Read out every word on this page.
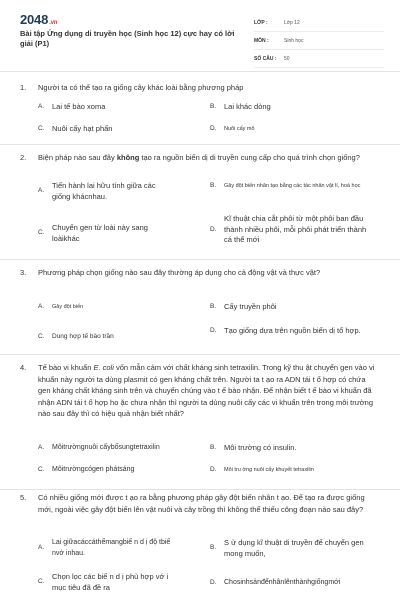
2048.vn
Bài tập Ứng dụng di truyền học (Sinh học 12) cực hay có lời giải (P1)
LỚP :	Lớp 12
MÔN :	Sinh học
SỐ CÂU :	50
1.	Người ta có thể tạo ra giống cây khác loài bằng phương pháp
A.	Lai tế bào xoma	B.	Lai khác dòng
C.	Nuôi cấy hạt phấn	D.	Nuôi cấy mô
2.	Biện pháp nào sau đây không tạo ra nguồn biến dị di truyền cung cấp cho quá trình chọn giống?
A.
Tiến hành lai hữu tính giữa các giống khácnhau.
B.	Gây đột biến nhân tạo bằng các tác nhân vật lí, hoá học
C.
Chuyển gen từ loài này sang loàikhác
D.
Kĩ thuật chia cắt phôi từ một phôi ban đầu thành nhiều phôi, mỗi phôi phát triển thành cá thể mới
3.	Phương pháp chọn giống nào sau đây thường áp dụng cho cả động vật và thực vật?
A.	Gây đột biến	B.	Cấy truyền phôi
C.	Dung hợp tế bào trần
D.	Tạo giống dựa trên nguồn biến dị tổ hợp.
4.	Tế bào vi khuẩn E. coli vốn mẫn cảm với chất kháng sinh tetraxilin. Trong kỹ thu ật chuyển gen vào vi khuẩn này người ta dùng plasmit có gen kháng chất trên. Người ta t ạo ra ADN tái t ổ hợp có chứa gen kháng chất kháng sinh trên và chuyển chúng vào t ế bào nhận. Để nhận biết t ế bào vi khuẩn đã nhận ADN tái t ổ hợp ho ặc chưa nhận thì người ta dùng nuôi cấy các vi khuẩn trên trong môi trường nào sau đây thì có hiệu quả nhận biết nhất?
A.	Môitrườngnuôi cấybổsungtetraxilin	B.	Môi trường có insulin.
C.	Môitrườngcógen phátsáng	D.	Môi tru ờng nuôi cấy khuyết tetraxilin
5.	Có nhiều giống mới được t ạo ra bằng phương pháp gây đột biến nhân t ạo. Để tạo ra được giống mới, ngoài việc gây đột biến lên vật nuôi và cây trồng thì không thể thiếu công đoạn nào sau đây?
A.
Lai giữacáccáthểmangbiế n d ị độ tbiế nvớ inhau.
B.
S ử dụng kĩ thuật di truyền để chuyển gen mong muốn,
C.
Chọn lọc các biế n d ị phù hợp vớ i mục tiêu đã đề ra	D.	Chosinhsảnđểnhânlênthànhgiốngmới
